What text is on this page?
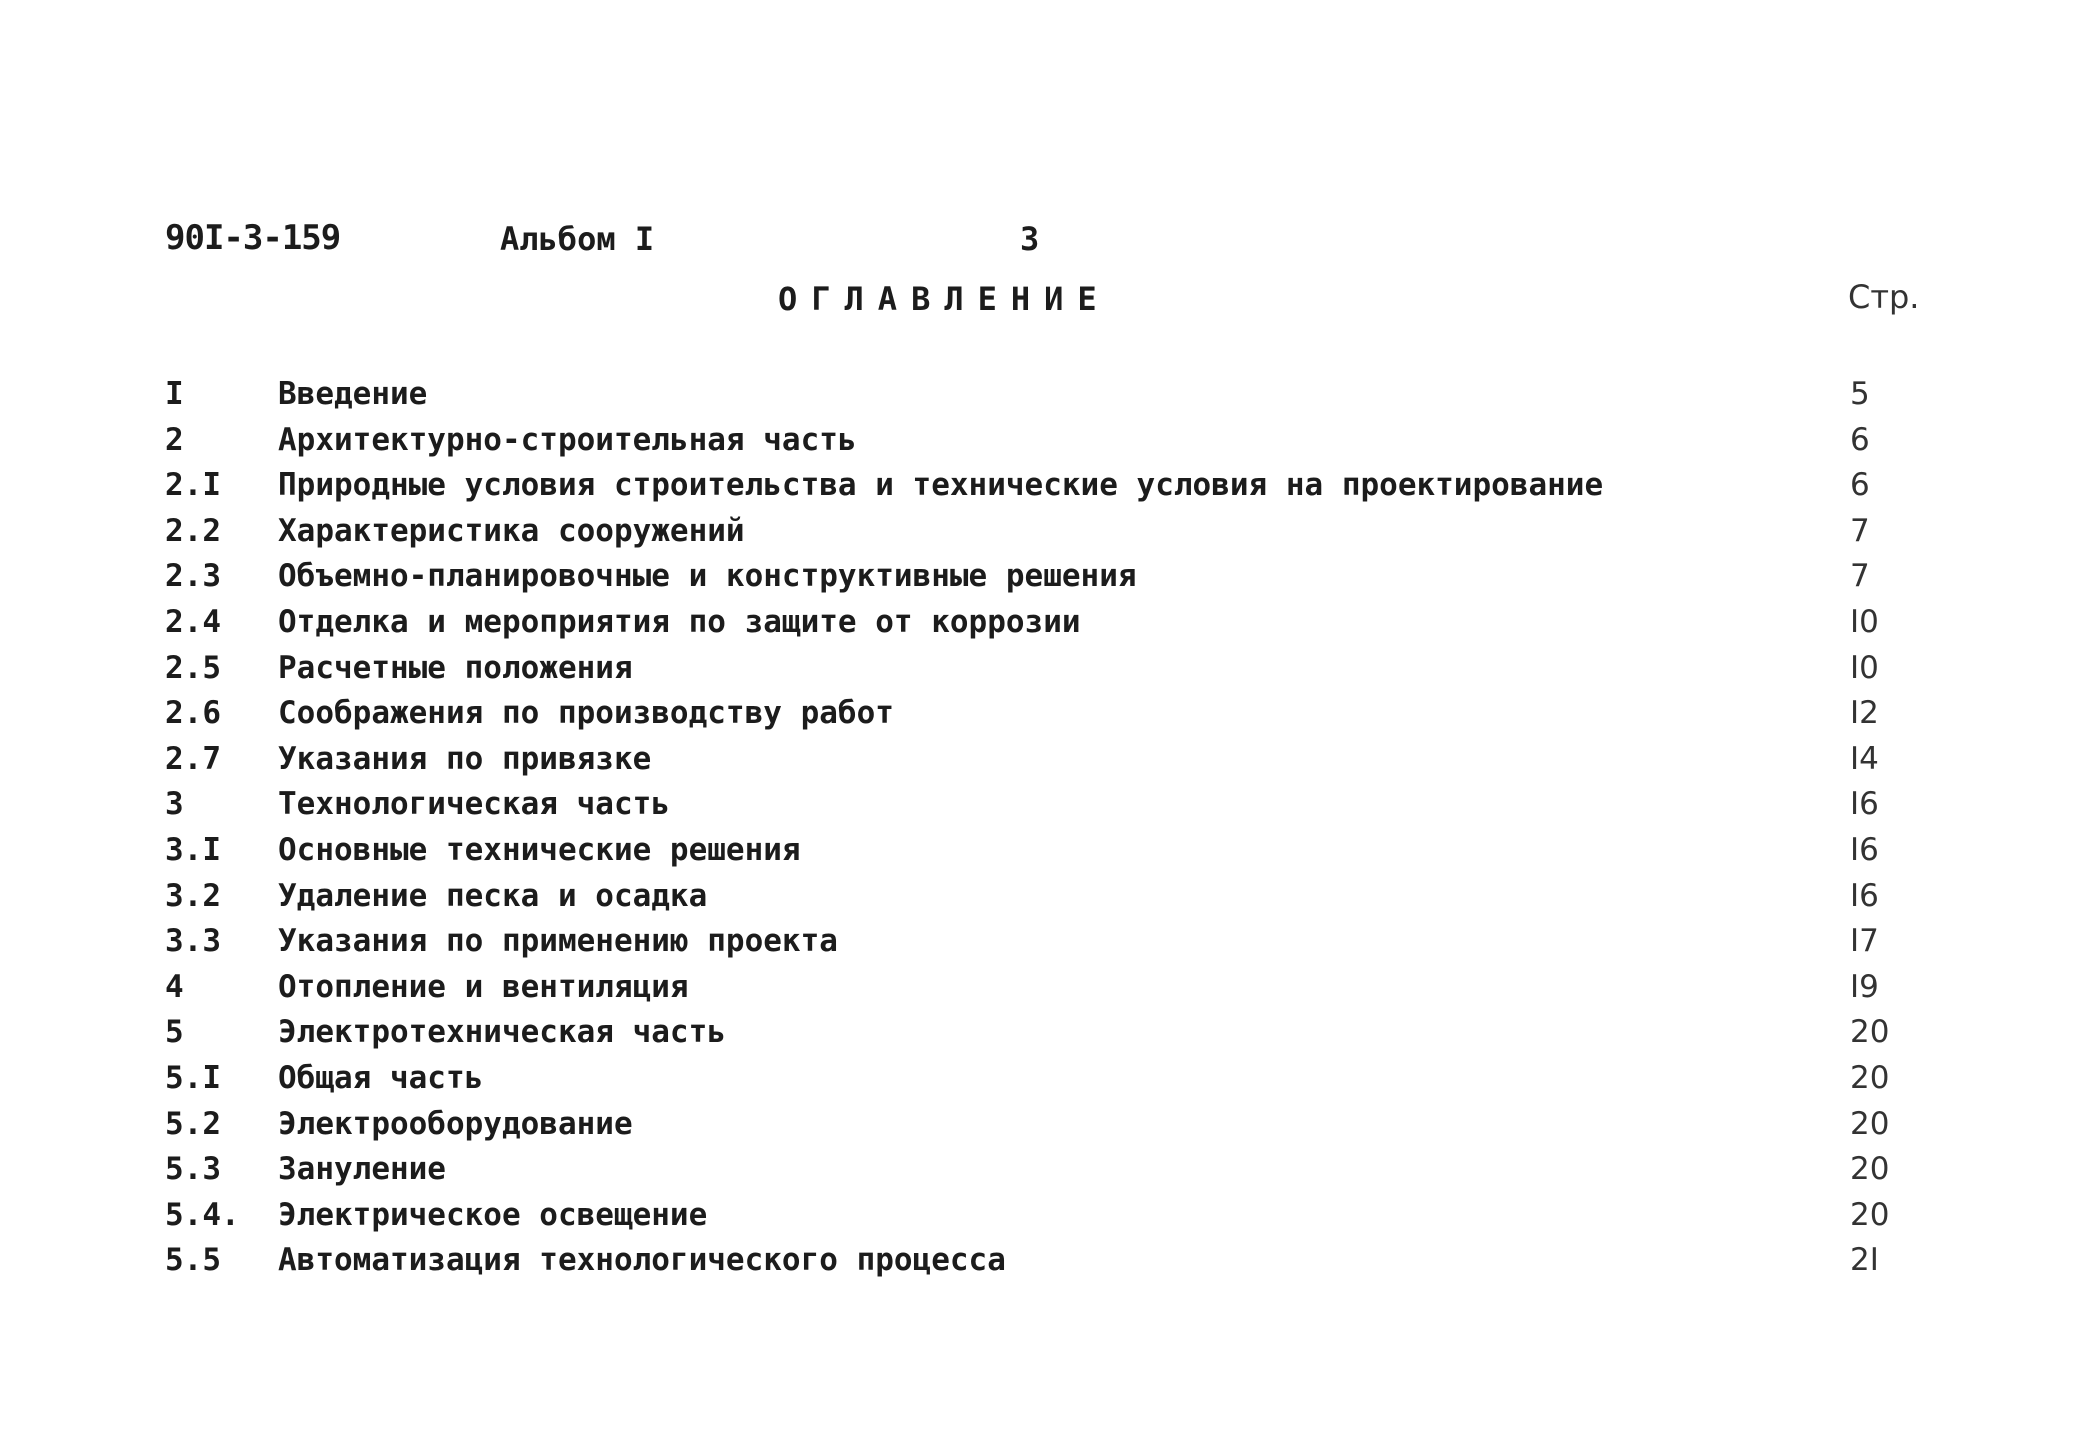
90I-3-159	Альбом I	3
ОГЛАВЛЕНИЕ	Стр.
I	Введение	5
2	Архитектурно-строительная часть	6
2.I Природные условия строительства и технические условия на проектирование	6
2.2 Характеристика сооружений	7
2.3 Объемно-планировочные и конструктивные решения	7
2.4 Отделка и мероприятия по защите от коррозии	I0
2.5 Расчетные положения	I0
2.6 Соображения по производству работ	I2
2.7 Указания по привязке	I4
3	Технологическая часть	I6
3.I Основные технические решения	I6
3.2 Удаление песка и осадка	I6
3.3 Указания по применению проекта	I7
4	Отопление и вентиляция	I9
5	Электротехническая часть	20
5.I Общая часть	20
5.2 Электрооборудование	20
5.3 Зануление	20
5.4. Электрическое освещение	20
5.5 Автоматизация технологического процесса	2I
